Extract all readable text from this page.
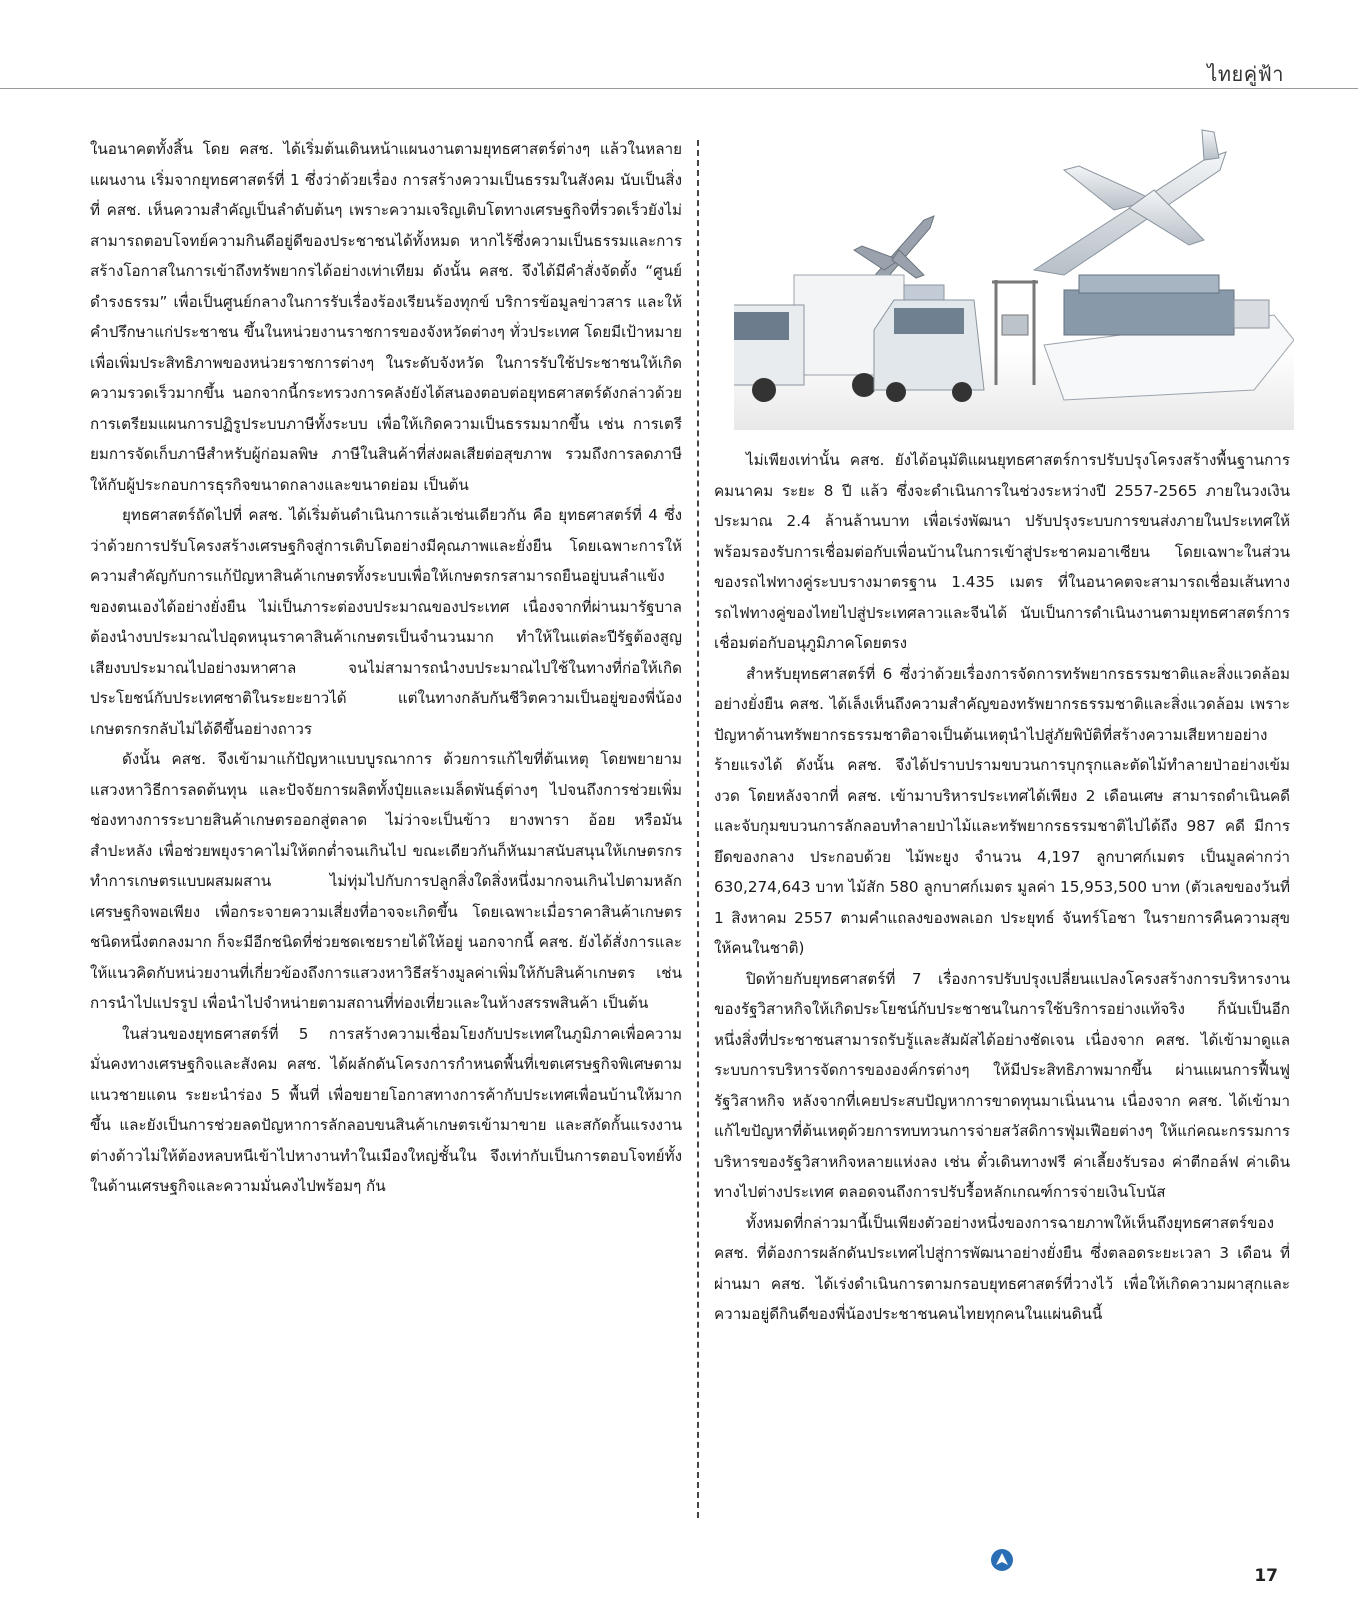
ไทยคู่ฟ้า

ในอนาคตทั้งสิ้น โดย คสช. ได้เริ่มต้นเดินหน้าแผนงานตามยุทธศาสตร์ต่างๆ แล้วในหลายแผนงาน เริ่มจากยุทธศาสตร์ที่ 1 ซึ่งว่าด้วยเรื่อง การสร้างความเป็นธรรมในสังคม นับเป็นสิ่งที่ คสช. เห็นความสำคัญเป็นลำดับต้นๆ เพราะความเจริญเติบโตทางเศรษฐกิจที่รวดเร็วยังไม่สามารถตอบโจทย์ความกินดีอยู่ดีของประชาชนได้ทั้งหมด หากไร้ซึ่งความเป็นธรรมและการสร้างโอกาสในการเข้าถึงทรัพยากรได้อย่างเท่าเทียม ดังนั้น คสช. จึงได้มีคำสั่งจัดตั้ง “ศูนย์ดำรงธรรม” เพื่อเป็นศูนย์กลางในการรับเรื่องร้องเรียนร้องทุกข์ บริการข้อมูลข่าวสาร และให้คำปรึกษาแก่ประชาชน ขึ้นในหน่วยงานราชการของจังหวัดต่างๆ ทั่วประเทศ โดยมีเป้าหมายเพื่อเพิ่มประสิทธิภาพของหน่วยราชการต่างๆ ในระดับจังหวัด ในการรับใช้ประชาชนให้เกิดความรวดเร็วมากขึ้น นอกจากนี้กระทรวงการคลังยังได้สนองตอบต่อยุทธศาสตร์ดังกล่าวด้วยการเตรียมแผนการปฏิรูประบบภาษีทั้งระบบ เพื่อให้เกิดความเป็นธรรมมากขึ้น เช่น การเตรียมการจัดเก็บภาษีสำหรับผู้ก่อมลพิษ ภาษีในสินค้าที่ส่งผลเสียต่อสุขภาพ รวมถึงการลดภาษีให้กับผู้ประกอบการธุรกิจขนาดกลางและขนาดย่อม เป็นต้น

ยุทธศาสตร์ถัดไปที่ คสช. ได้เริ่มต้นดำเนินการแล้วเช่นเดียวกัน คือ ยุทธศาสตร์ที่ 4 ซึ่งว่าด้วยการปรับโครงสร้างเศรษฐกิจสู่การเติบโตอย่างมีคุณภาพและยั่งยืน โดยเฉพาะการให้ความสำคัญกับการแก้ปัญหาสินค้าเกษตรทั้งระบบเพื่อให้เกษตรกรสามารถยืนอยู่บนลำแข้งของตนเองได้อย่างยั่งยืน ไม่เป็นภาระต่องบประมาณของประเทศ เนื่องจากที่ผ่านมารัฐบาลต้องนำงบประมาณไปอุดหนุนราคาสินค้าเกษตรเป็นจำนวนมาก ทำให้ในแต่ละปีรัฐต้องสูญเสียงบประมาณไปอย่างมหาศาล จนไม่สามารถนำงบประมาณไปใช้ในทางที่ก่อให้เกิดประโยชน์กับประเทศชาติในระยะยาวได้ แต่ในทางกลับกันชีวิตความเป็นอยู่ของพี่น้องเกษตรกรกลับไม่ได้ดีขึ้นอย่างถาวร

ดังนั้น คสช. จึงเข้ามาแก้ปัญหาแบบบูรณาการ ด้วยการแก้ไขที่ต้นเหตุ โดยพยายามแสวงหาวิธีการลดต้นทุน และปัจจัยการผลิตทั้งปุ๋ยและเมล็ดพันธุ์ต่างๆ ไปจนถึงการช่วยเพิ่มช่องทางการระบายสินค้าเกษตรออกสู่ตลาด ไม่ว่าจะเป็นข้าว ยางพารา อ้อย หรือมันสำปะหลัง เพื่อช่วยพยุงราคาไม่ให้ตกต่ำจนเกินไป ขณะเดียวกันก็หันมาสนับสนุนให้เกษตรกรทำการเกษตรแบบผสมผสาน ไม่ทุ่มไปกับการปลูกสิ่งใดสิ่งหนึ่งมากจนเกินไปตามหลักเศรษฐกิจพอเพียง เพื่อกระจายความเสี่ยงที่อาจจะเกิดขึ้น โดยเฉพาะเมื่อราคาสินค้าเกษตรชนิดหนึ่งตกลงมาก ก็จะมีอีกชนิดที่ช่วยชดเชยรายได้ให้อยู่ นอกจากนี้ คสช. ยังได้สั่งการและให้แนวคิดกับหน่วยงานที่เกี่ยวข้องถึงการแสวงหาวิธีสร้างมูลค่าเพิ่มให้กับสินค้าเกษตร เช่น การนำไปแปรรูป เพื่อนำไปจำหน่ายตามสถานที่ท่องเที่ยวและในห้างสรรพสินค้า เป็นต้น

ในส่วนของยุทธศาสตร์ที่ 5 การสร้างความเชื่อมโยงกับประเทศในภูมิภาคเพื่อความมั่นคงทางเศรษฐกิจและสังคม คสช. ได้ผลักดันโครงการกำหนดพื้นที่เขตเศรษฐกิจพิเศษตามแนวชายแดน ระยะนำร่อง 5 พื้นที่ เพื่อขยายโอกาสทางการค้ากับประเทศเพื่อนบ้านให้มากขึ้น และยังเป็นการช่วยลดปัญหาการลักลอบขนสินค้าเกษตรเข้ามาขาย และสกัดกั้นแรงงานต่างด้าวไม่ให้ต้องหลบหนีเข้าไปหางานทำในเมืองใหญ่ชั้นใน จึงเท่ากับเป็นการตอบโจทย์ทั้งในด้านเศรษฐกิจและความมั่นคงไปพร้อมๆ กัน

ไม่เพียงเท่านั้น คสช. ยังได้อนุมัติแผนยุทธศาสตร์การปรับปรุงโครงสร้างพื้นฐานการคมนาคม ระยะ 8 ปี แล้ว ซึ่งจะดำเนินการในช่วงระหว่างปี 2557-2565 ภายในวงเงินประมาณ 2.4 ล้านล้านบาท เพื่อเร่งพัฒนา ปรับปรุงระบบการขนส่งภายในประเทศให้พร้อมรองรับการเชื่อมต่อกับเพื่อนบ้านในการเข้าสู่ประชาคมอาเซียน โดยเฉพาะในส่วนของรถไฟทางคู่ระบบรางมาตรฐาน 1.435 เมตร ที่ในอนาคตจะสามารถเชื่อมเส้นทางรถไฟทางคู่ของไทยไปสู่ประเทศลาวและจีนได้ นับเป็นการดำเนินงานตามยุทธศาสตร์การเชื่อมต่อกับอนุภูมิภาคโดยตรง

สำหรับยุทธศาสตร์ที่ 6 ซึ่งว่าด้วยเรื่องการจัดการทรัพยากรธรรมชาติและสิ่งแวดล้อมอย่างยั่งยืน คสช. ได้เล็งเห็นถึงความสำคัญของทรัพยากรธรรมชาติและสิ่งแวดล้อม เพราะปัญหาด้านทรัพยากรธรรมชาติอาจเป็นต้นเหตุนำไปสู่ภัยพิบัติที่สร้างความเสียหายอย่างร้ายแรงได้ ดังนั้น คสช. จึงได้ปราบปรามขบวนการบุกรุกและตัดไม้ทำลายป่าอย่างเข้มงวด โดยหลังจากที่ คสช. เข้ามาบริหารประเทศได้เพียง 2 เดือนเศษ สามารถดำเนินคดีและจับกุมขบวนการลักลอบทำลายป่าไม้และทรัพยากรธรรมชาติไปได้ถึง 987 คดี มีการยึดของกลาง ประกอบด้วย ไม้พะยูง จำนวน 4,197 ลูกบาศก์เมตร เป็นมูลค่ากว่า 630,274,643 บาท ไม้สัก 580 ลูกบาศก์เมตร มูลค่า 15,953,500 บาท (ตัวเลขของวันที่ 1 สิงหาคม 2557 ตามคำแถลงของพลเอก ประยุทธ์ จันทร์โอชา ในรายการคืนความสุขให้คนในชาติ)

ปิดท้ายกับยุทธศาสตร์ที่ 7 เรื่องการปรับปรุงเปลี่ยนแปลงโครงสร้างการบริหารงานของรัฐวิสาหกิจให้เกิดประโยชน์กับประชาชนในการใช้บริการอย่างแท้จริง ก็นับเป็นอีกหนึ่งสิ่งที่ประชาชนสามารถรับรู้และสัมผัสได้อย่างชัดเจน เนื่องจาก คสช. ได้เข้ามาดูแลระบบการบริหารจัดการขององค์กรต่างๆ ให้มีประสิทธิภาพมากขึ้น ผ่านแผนการฟื้นฟูรัฐวิสาหกิจ หลังจากที่เคยประสบปัญหาการขาดทุนมาเนิ่นนาน เนื่องจาก คสช. ได้เข้ามาแก้ไขปัญหาที่ต้นเหตุด้วยการทบทวนการจ่ายสวัสดิการฟุ่มเฟือยต่างๆ ให้แก่คณะกรรมการบริหารของรัฐวิสาหกิจหลายแห่งลง เช่น ตั๋วเดินทางฟรี ค่าเลี้ยงรับรอง ค่าตีกอล์ฟ ค่าเดินทางไปต่างประเทศ ตลอดจนถึงการปรับรื้อหลักเกณฑ์การจ่ายเงินโบนัส

ทั้งหมดที่กล่าวมานี้เป็นเพียงตัวอย่างหนึ่งของการฉายภาพให้เห็นถึงยุทธศาสตร์ของ คสช. ที่ต้องการผลักดันประเทศไปสู่การพัฒนาอย่างยั่งยืน ซึ่งตลอดระยะเวลา 3 เดือน ที่ผ่านมา คสช. ได้เร่งดำเนินการตามกรอบยุทธศาสตร์ที่วางไว้ เพื่อให้เกิดความผาสุกและความอยู่ดีกินดีของพี่น้องประชาชนคนไทยทุกคนในแผ่นดินนี้

17
